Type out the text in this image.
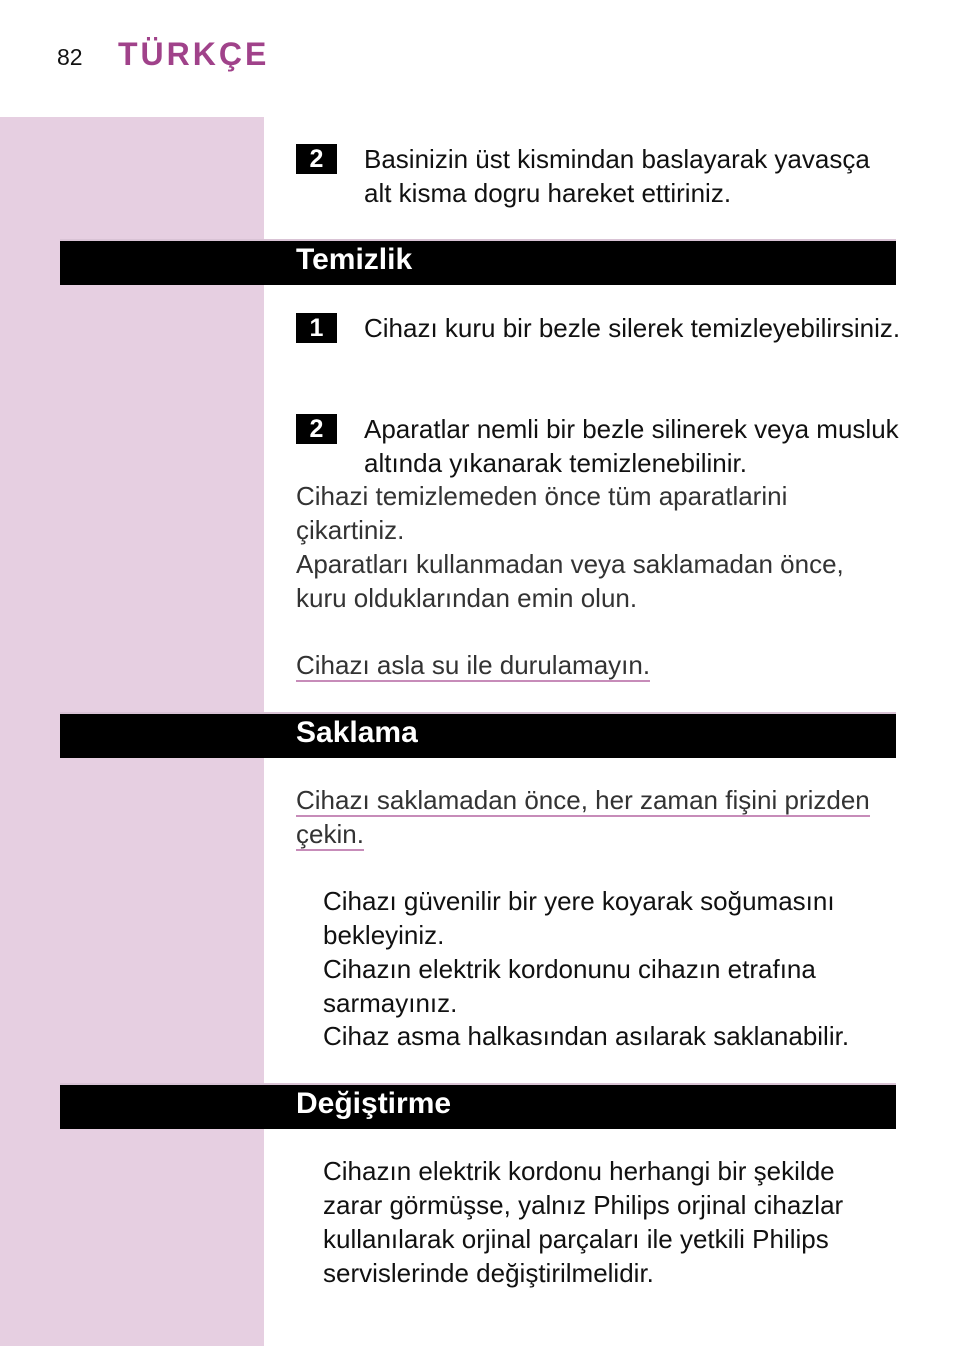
82 TÜRKÇE
2	Basinizin üst kismindan baslayarak yavasça alt kisma dogru hareket ettiriniz.
Temizlik
1	Cihazı kuru bir bezle silerek temizleyebilirsiniz.
2	Aparatlar nemli bir bezle silinerek veya musluk altında yıkanarak temizlenebilinir.
Cihazi temizlemeden önce tüm aparatlarini çikartiniz.
Aparatları kullanmadan veya saklamadan önce, kuru olduklarından emin olun.
Cihazı asla su ile durulamayın.
Saklama
Cihazı saklamadan önce, her zaman fişini prizden çekin.
Cihazı güvenilir bir yere koyarak soğumasını bekleyiniz.
Cihazın elektrik kordonunu cihazın etrafına sarmayınız.
Cihaz asma halkasından asılarak saklanabilir.
Değiştirme
Cihazın elektrik kordonu herhangi bir şekilde zarar görmüşse, yalnız Philips orjinal cihazlar kullanılarak orjinal parçaları ile yetkili Philips servislerinde değiştirilmelidir.
